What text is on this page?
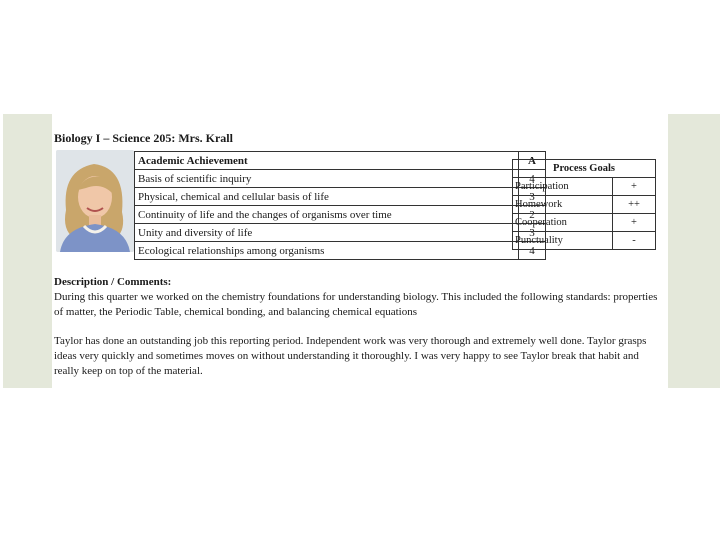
Biology I – Science 205: Mrs. Krall
Academic Achievement	A
Basis of scientific inquiry	4
Physical, chemical and cellular basis of life	3
Continuity of life and the changes of organisms over time	2
Unity and diversity of life	3
Ecological relationships among organisms	4
Process Goals	
Participation	+
Homework	++
Cooperation	+
Punctuality	-
Description / Comments:
During this quarter we worked on the chemistry foundations for understanding biology. This included the following standards: properties of matter, the Periodic Table, chemical bonding, and balancing chemical equations
Taylor has done an outstanding job this reporting period. Independent work was very thorough and extremely well done. Taylor grasps ideas very quickly and sometimes moves on without understanding it thoroughly. I was very happy to see Taylor break that habit and really keep on top of the material.
